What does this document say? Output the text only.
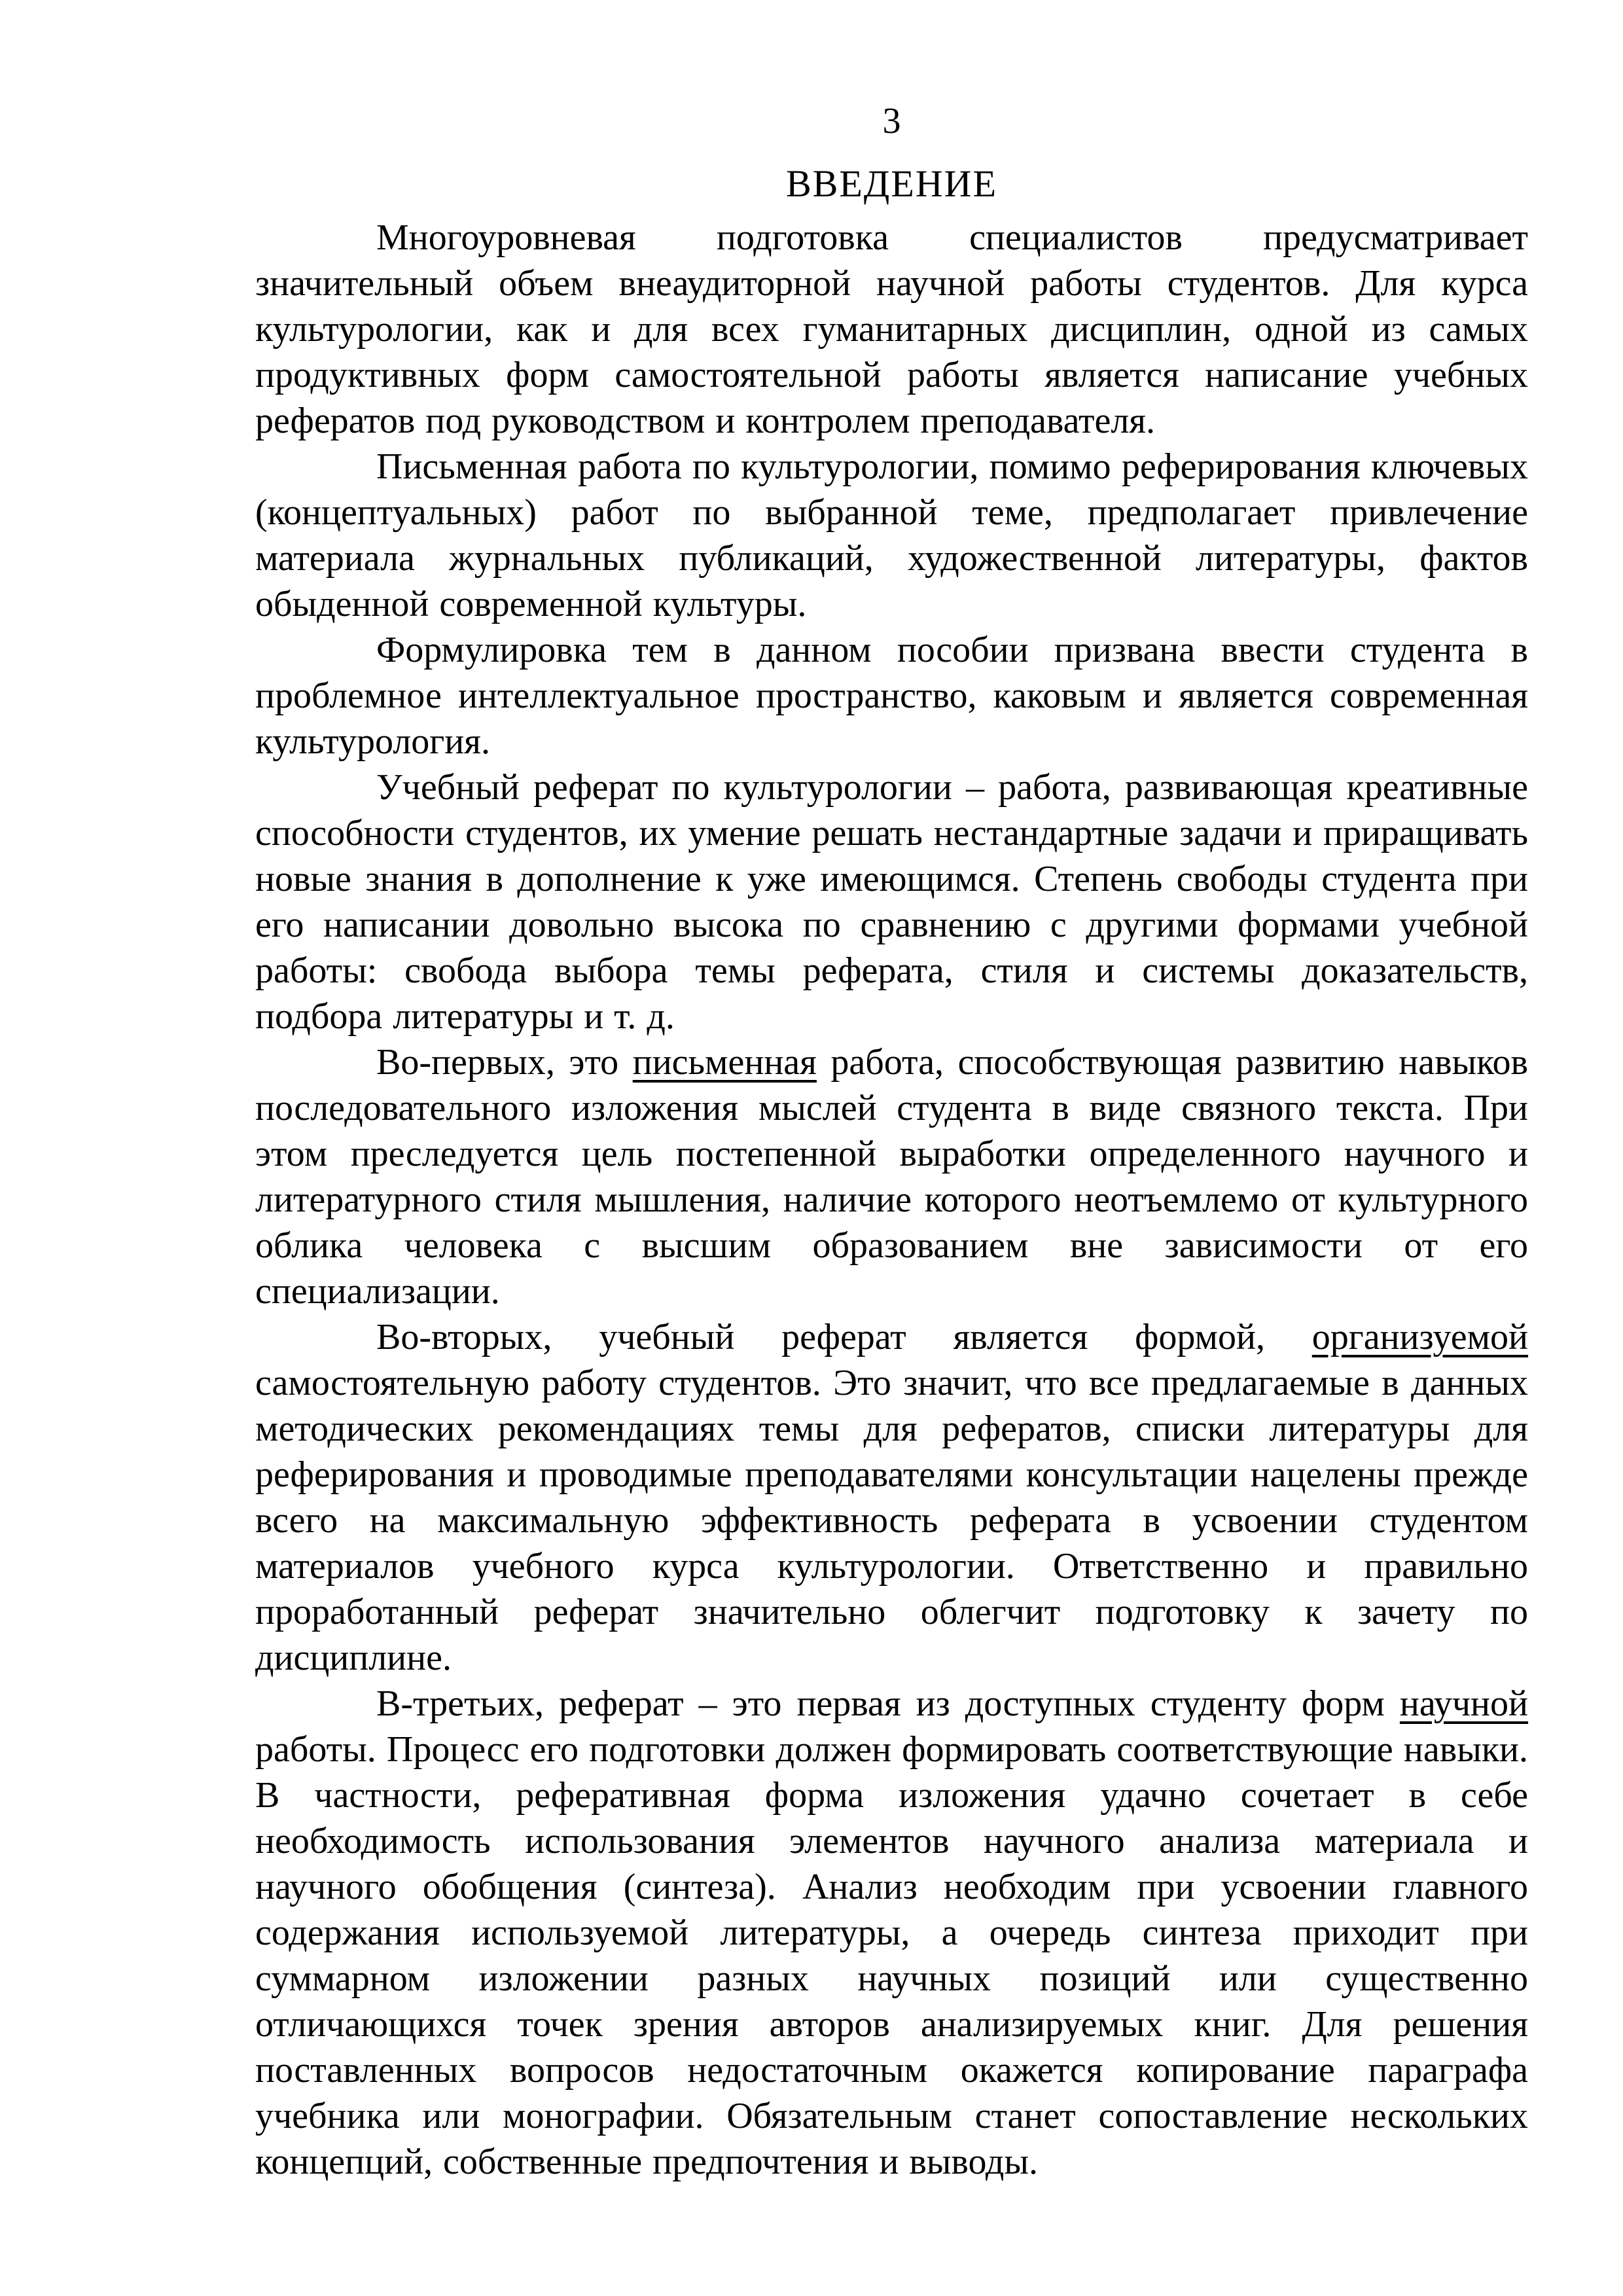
3
ВВЕДЕНИЕ

Многоуровневая подготовка специалистов предусматривает значительный объем внеаудиторной научной работы студентов. Для курса культурологии, как и для всех гуманитарных дисциплин, одной из самых продуктивных форм самостоятельной работы является написание учебных рефератов под руководством и контролем преподавателя.

Письменная работа по культурологии, помимо реферирования ключевых (концептуальных) работ по выбранной теме, предполагает привлечение материала журнальных публикаций, художественной литературы, фактов обыденной современной культуры.

Формулировка тем в данном пособии призвана ввести студента в проблемное интеллектуальное пространство, каковым и является современная культурология.

Учебный реферат по культурологии – работа, развивающая креативные способности студентов, их умение решать нестандартные задачи и приращивать новые знания в дополнение к уже имеющимся. Степень свободы студента при его написании довольно высока по сравнению с другими формами учебной работы: свобода выбора темы реферата, стиля и системы доказательств, подбора литературы и т. д.

Во-первых, это письменная работа, способствующая развитию навыков последовательного изложения мыслей студента в виде связного текста. При этом преследуется цель постепенной выработки определенного научного и литературного стиля мышления, наличие которого неотъемлемо от культурного облика человека с высшим образованием вне зависимости от его специализации.

Во-вторых, учебный реферат является формой, организуемой самостоятельную работу студентов. Это значит, что все предлагаемые в данных методических рекомендациях темы для рефератов, списки литературы для реферирования и проводимые преподавателями консультации нацелены прежде всего на максимальную эффективность реферата в усвоении студентом материалов учебного курса культурологии. Ответственно и правильно проработанный реферат значительно облегчит подготовку к зачету по дисциплине.

В-третьих, реферат – это первая из доступных студенту форм научной работы. Процесс его подготовки должен формировать соответствующие навыки. В частности, реферативная форма изложения удачно сочетает в себе необходимость использования элементов научного анализа материала и научного обобщения (синтеза). Анализ необходим при усвоении главного содержания используемой литературы, а очередь синтеза приходит при суммарном изложении разных научных позиций или существенно отличающихся точек зрения авторов анализируемых книг. Для решения поставленных вопросов недостаточным окажется копирование параграфа учебника или монографии. Обязательным станет сопоставление нескольких концепций, собственные предпочтения и выводы.
